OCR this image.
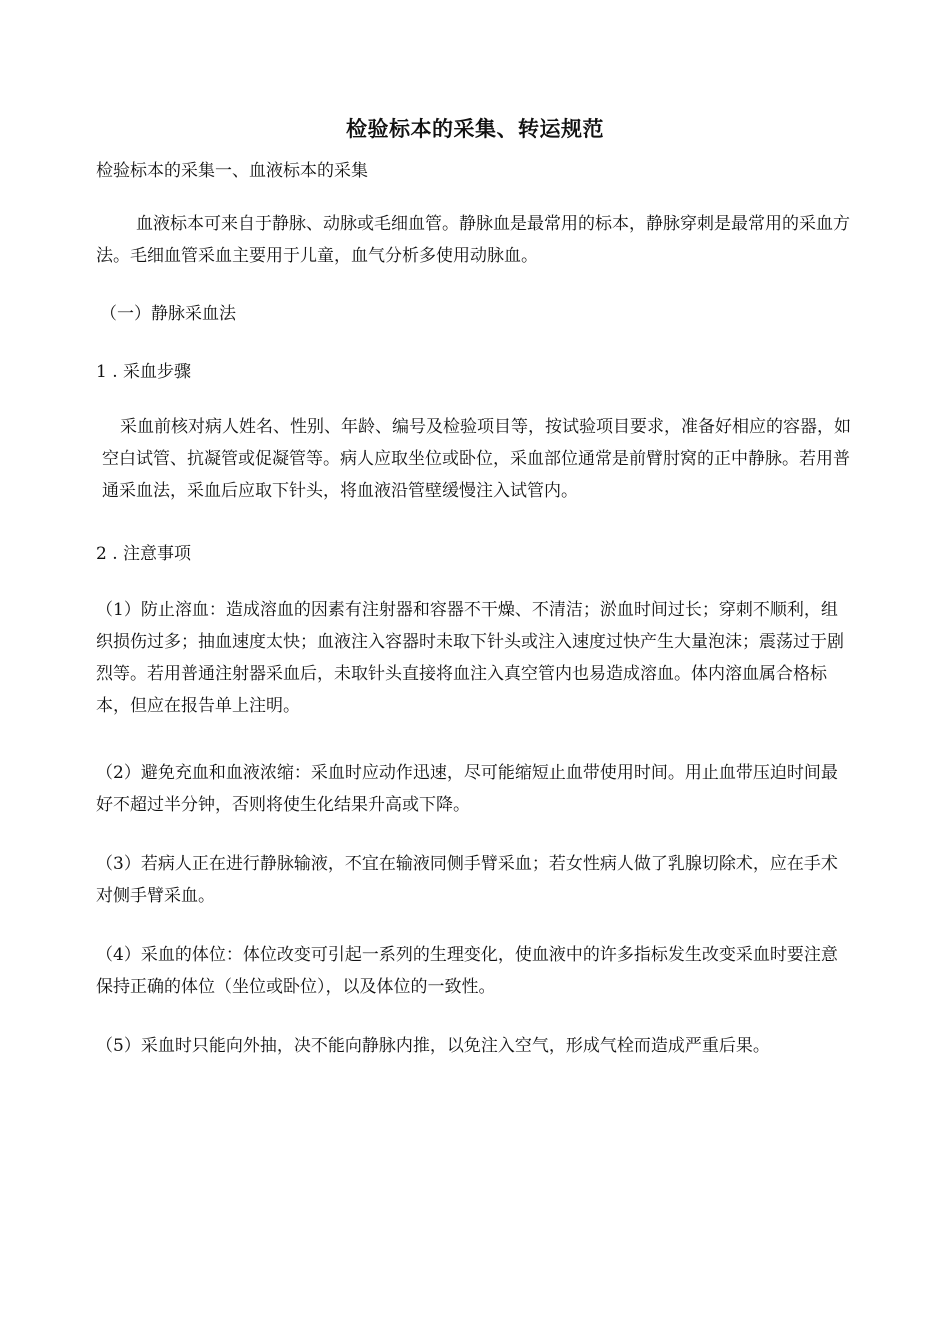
检验标本的采集、转运规范
检验标本的采集一、血液标本的采集

血液标本可来自于静脉、动脉或毛细血管。静脉血是最常用的标本，静脉穿刺是最常用的采血方法。毛细血管采血主要用于儿童，血气分析多使用动脉血。

（一）静脉采血法
1 . 采血步骤

采血前核对病人姓名、性别、年龄、编号及检验项目等，按试验项目要求，准备好相应的容器，如空白试管、抗凝管或促凝管等。病人应取坐位或卧位，采血部位通常是前臂肘窝的正中静脉。若用普通采血法，采血后应取下针头，将血液沿管壁缓慢注入试管内。

2 . 注意事项

（1）防止溶血：造成溶血的因素有注射器和容器不干燥、不清洁；淤血时间过长；穿刺不顺利，组织损伤过多；抽血速度太快；血液注入容器时未取下针头或注入速度过快产生大量泡沫；震荡过于剧烈等。若用普通注射器采血后，未取针头直接将血注入真空管内也易造成溶血。体内溶血属合格标本，但应在报告单上注明。

（2）避免充血和血液浓缩：采血时应动作迅速，尽可能缩短止血带使用时间。用止血带压迫时间最好不超过半分钟，否则将使生化结果升高或下降。

（3）若病人正在进行静脉输液，不宜在输液同侧手臂采血；若女性病人做了乳腺切除术，应在手术对侧手臂采血。

（4）采血的体位：体位改变可引起一系列的生理变化，使血液中的许多指标发生改变采血时要注意保持正确的体位（坐位或卧位），以及体位的一致性。

（5）采血时只能向外抽，决不能向静脉内推，以免注入空气，形成气栓而造成严重后果。
